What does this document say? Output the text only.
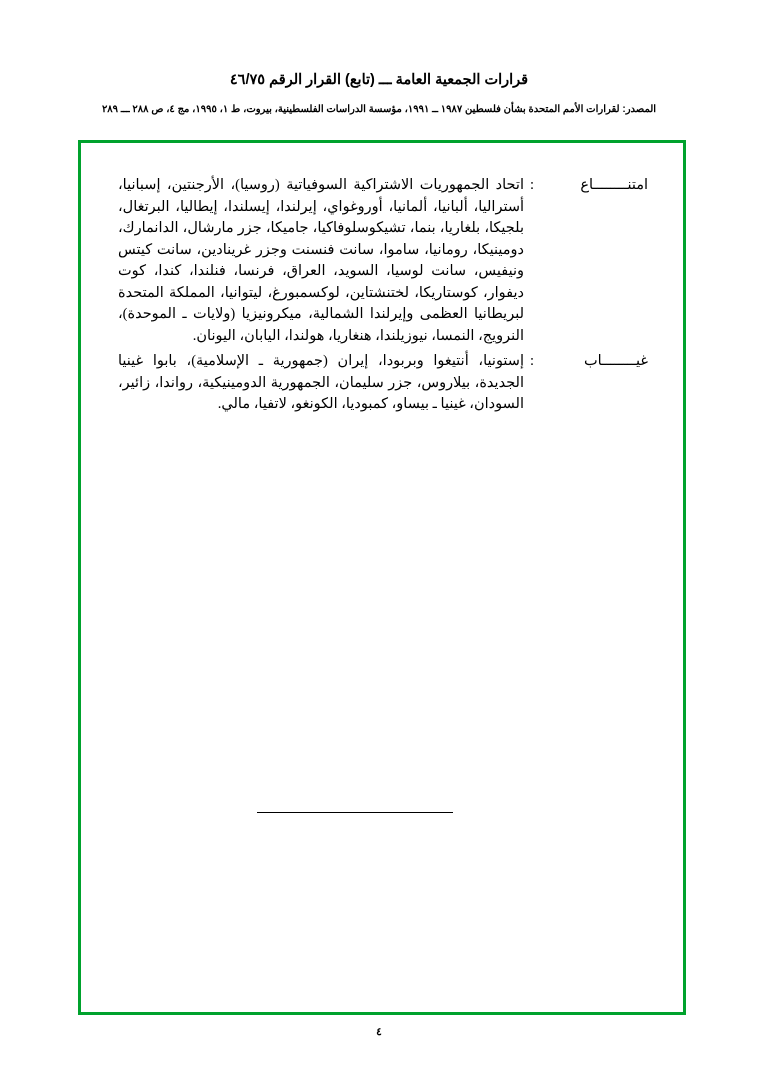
قرارات الجمعية العامة ـــ (تابع) القرار الرقم ٤٦/٧٥
المصدر: لقرارات الأمم المتحدة بشأن فلسطين ١٩٨٧ ــ ١٩٩١، مؤسسة الدراسات الفلسطينية، بيروت، ط ١، ١٩٩٥، مج ٤، ص ٢٨٨ ـــ ٢٨٩
امتنــــــــاع
:
اتحاد الجمهوريات الاشتراكية السوفياتية (روسيا)، الأرجنتين، إسبانيا، أستراليا، ألبانيا، ألمانيا، أوروغواي، إيرلندا، إيسلندا، إيطاليا، البرتغال، بلجيكا، بلغاريا، بنما، تشيكوسلوفاكيا، جاميكا، جزر مارشال، الدانمارك، دومينيكا، رومانيا، ساموا، سانت فنسنت وجزر غرينادين، سانت كيتس ونيفيس، سانت لوسيا، السويد، العراق، فرنسا، فنلندا، كندا، كوت ديفوار، كوستاريكا، لختنشتاين، لوكسمبورغ، ليتوانيا، المملكة المتحدة لبريطانيا العظمى وإيرلندا الشمالية، ميكرونيزيا (ولايات ـ الموحدة)، النرويج، النمسا، نيوزيلندا، هنغاريا، هولندا، اليابان، اليونان.
غيــــــــاب
:
إستونيا، أنتيغوا وبربودا، إيران (جمهورية ـ الإسلامية)، بابوا غينيا الجديدة، بيلاروس، جزر سليمان، الجمهورية الدومينيكية، رواندا، زائير، السودان، غينيا ـ بيساو، كمبوديا، الكونغو، لاتفيا، مالي.
٤
